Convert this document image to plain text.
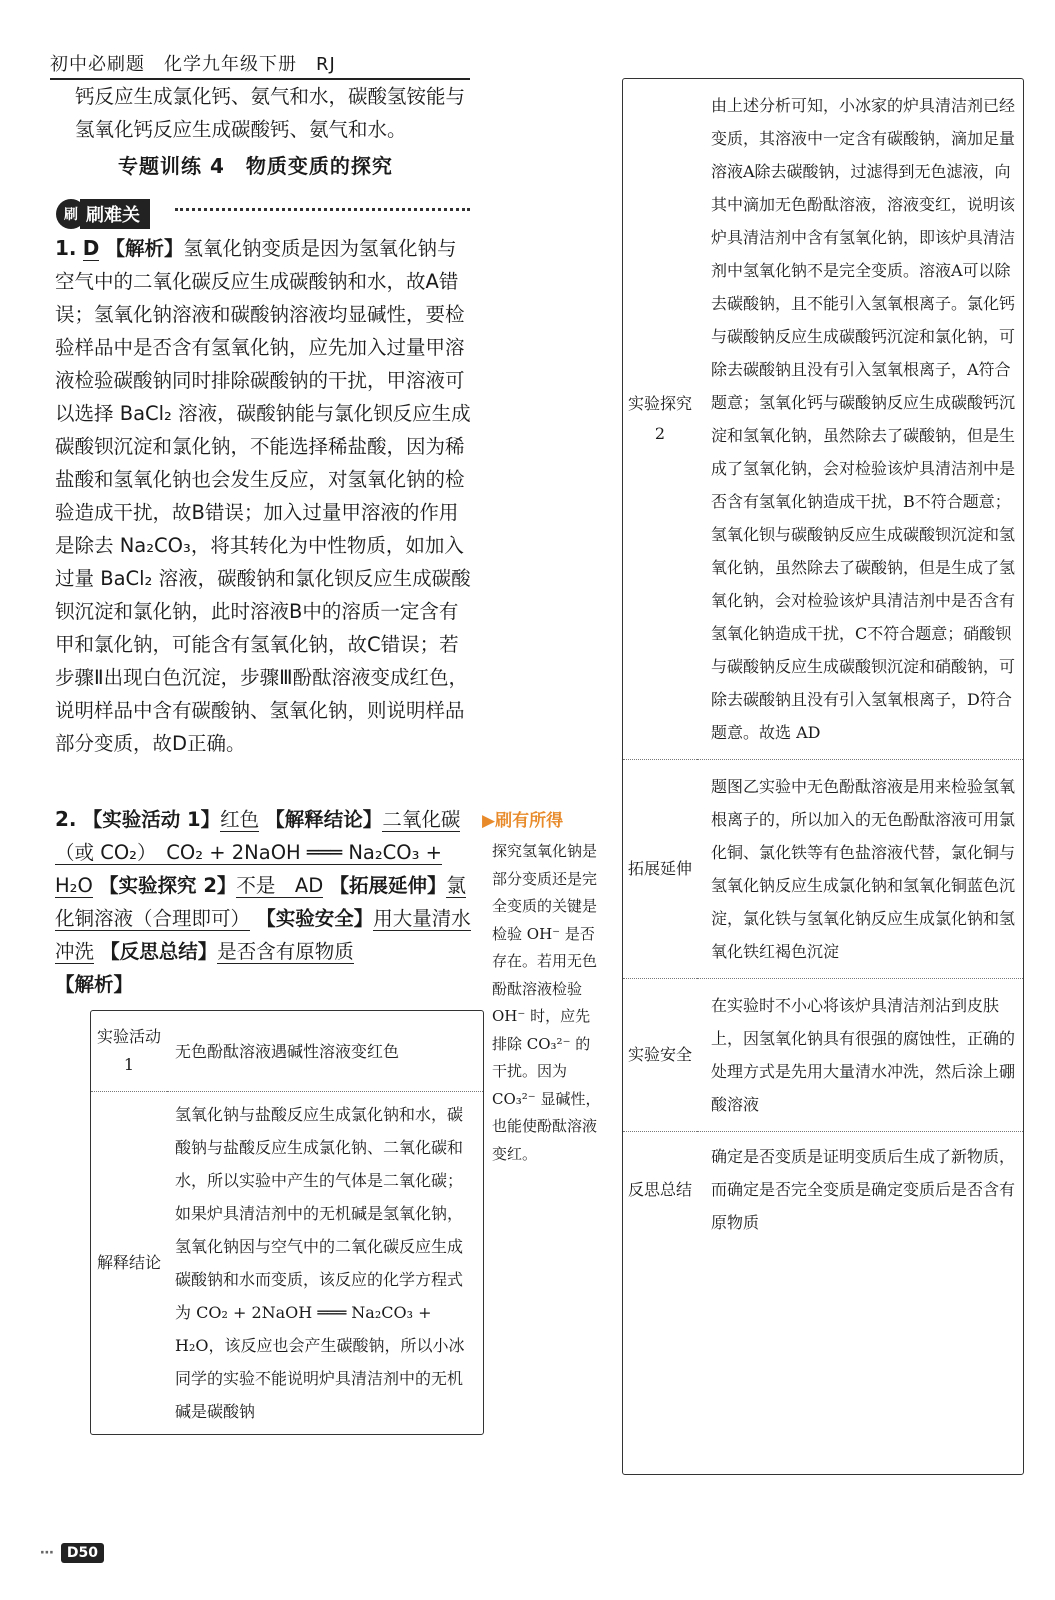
初中必刷题　化学九年级下册　RJ
钙反应生成氯化钙、氨气和水，碳酸氢铵能与
氢氧化钙反应生成碳酸钙、氨气和水。
专题训练 4　物质变质的探究
刷 刷难关
1. D 【解析】氢氧化钠变质是因为氢氧化钠与空气中的二氧化碳反应生成碳酸钠和水，故A错误；氢氧化钠溶液和碳酸钠溶液均显碱性，要检验样品中是否含有氢氧化钠，应先加入过量甲溶液检验碳酸钠同时排除碳酸钠的干扰，甲溶液可以选择 BaCl₂ 溶液，碳酸钠能与氯化钡反应生成碳酸钡沉淀和氯化钠，不能选择稀盐酸，因为稀盐酸和氢氧化钠也会发生反应，对氢氧化钠的检验造成干扰，故B错误；加入过量甲溶液的作用是除去 Na₂CO₃，将其转化为中性物质，如加入过量 BaCl₂ 溶液，碳酸钠和氯化钡反应生成碳酸钡沉淀和氯化钠，此时溶液B中的溶质一定含有甲和氯化钠，可能含有氢氧化钠，故C错误；若步骤Ⅱ出现白色沉淀，步骤Ⅲ酚酞溶液变成红色，说明样品中含有碳酸钠、氢氧化钠，则说明样品部分变质，故D正确。
2. 【实验活动 1】红色 【解释结论】二氧化碳（或 CO₂）　CO₂ + 2NaOH ═══ Na₂CO₃ + H₂O 【实验探究 2】不是　AD 【拓展延伸】氯化铜溶液（合理即可） 【实验安全】用大量清水冲洗 【反思总结】是否含有原物质
【解析】
▶刷有所得
探究氢氧化钠是部分变质还是完全变质的关键是检验 OH⁻ 是否存在。若用无色酚酞溶液检验 OH⁻ 时，应先排除 CO₃²⁻ 的干扰。因为 CO₃²⁻ 显碱性，也能使酚酞溶液变红。
实验活动 1	无色酚酞溶液遇碱性溶液变红色
解释结论	氢氧化钠与盐酸反应生成氯化钠和水，碳酸钠与盐酸反应生成氯化钠、二氧化碳和水，所以实验中产生的气体是二氧化碳；如果炉具清洁剂中的无机碱是氢氧化钠，氢氧化钠因与空气中的二氧化碳反应生成碳酸钠和水而变质，该反应的化学方程式为 CO₂ + 2NaOH ═══ Na₂CO₃ + H₂O，该反应也会产生碳酸钠，所以小冰同学的实验不能说明炉具清洁剂中的无机碱是碳酸钠
实验探究 2	由上述分析可知，小冰家的炉具清洁剂已经变质，其溶液中一定含有碳酸钠，滴加足量溶液A除去碳酸钠，过滤得到无色滤液，向其中滴加无色酚酞溶液，溶液变红，说明该炉具清洁剂中含有氢氧化钠，即该炉具清洁剂中氢氧化钠不是完全变质。溶液A可以除去碳酸钠，且不能引入氢氧根离子。氯化钙与碳酸钠反应生成碳酸钙沉淀和氯化钠，可除去碳酸钠且没有引入氢氧根离子，A符合题意；氢氧化钙与碳酸钠反应生成碳酸钙沉淀和氢氧化钠，虽然除去了碳酸钠，但是生成了氢氧化钠，会对检验该炉具清洁剂中是否含有氢氧化钠造成干扰，B不符合题意；氢氧化钡与碳酸钠反应生成碳酸钡沉淀和氢氧化钠，虽然除去了碳酸钠，但是生成了氢氧化钠，会对检验该炉具清洁剂中是否含有氢氧化钠造成干扰，C不符合题意；硝酸钡与碳酸钠反应生成碳酸钡沉淀和硝酸钠，可除去碳酸钠且没有引入氢氧根离子，D符合题意。故选 AD
拓展延伸	题图乙实验中无色酚酞溶液是用来检验氢氧根离子的，所以加入的无色酚酞溶液可用氯化铜、氯化铁等有色盐溶液代替，氯化铜与氢氧化钠反应生成氯化钠和氢氧化铜蓝色沉淀，氯化铁与氢氧化钠反应生成氯化钠和氢氧化铁红褐色沉淀
实验安全	在实验时不小心将该炉具清洁剂沾到皮肤上，因氢氧化钠具有很强的腐蚀性，正确的处理方式是先用大量清水冲洗，然后涂上硼酸溶液
反思总结	确定是否变质是证明变质后生成了新物质，而确定是否完全变质是确定变质后是否含有原物质
⋯ D50
